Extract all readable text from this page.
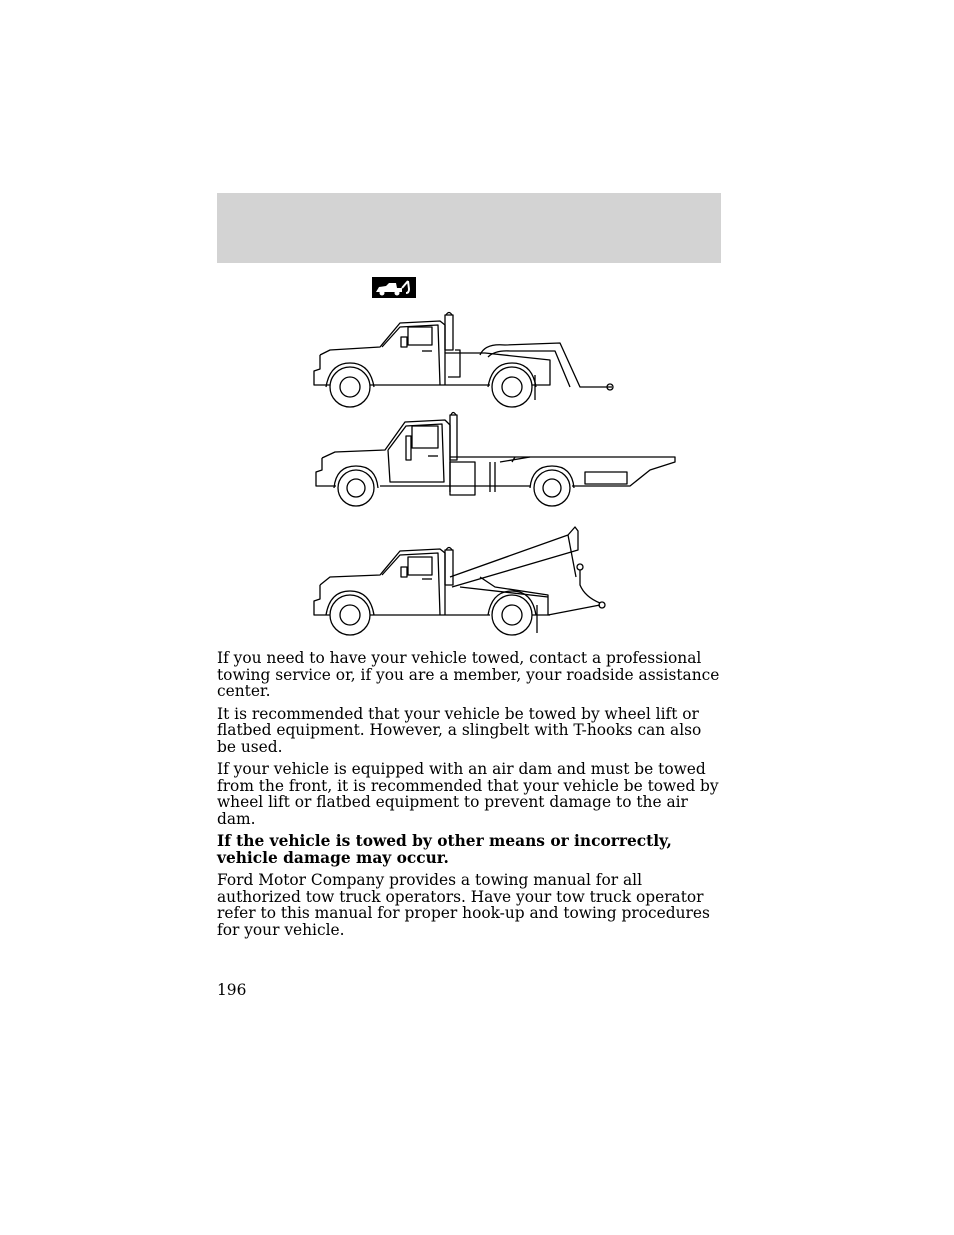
If you need to have your vehicle towed, contact a professional towing service or, if you are a member, your roadside assistance center.

It is recommended that your vehicle be towed by wheel lift or flatbed equipment. However, a slingbelt with T-hooks can also be used.

If your vehicle is equipped with an air dam and must be towed from the front, it is recommended that your vehicle be towed by wheel lift or flatbed equipment to prevent damage to the air dam.

If the vehicle is towed by other means or incorrectly, vehicle damage may occur.

Ford Motor Company provides a towing manual for all authorized tow truck operators. Have your tow truck operator refer to this manual for proper hook-up and towing procedures for your vehicle.

196
